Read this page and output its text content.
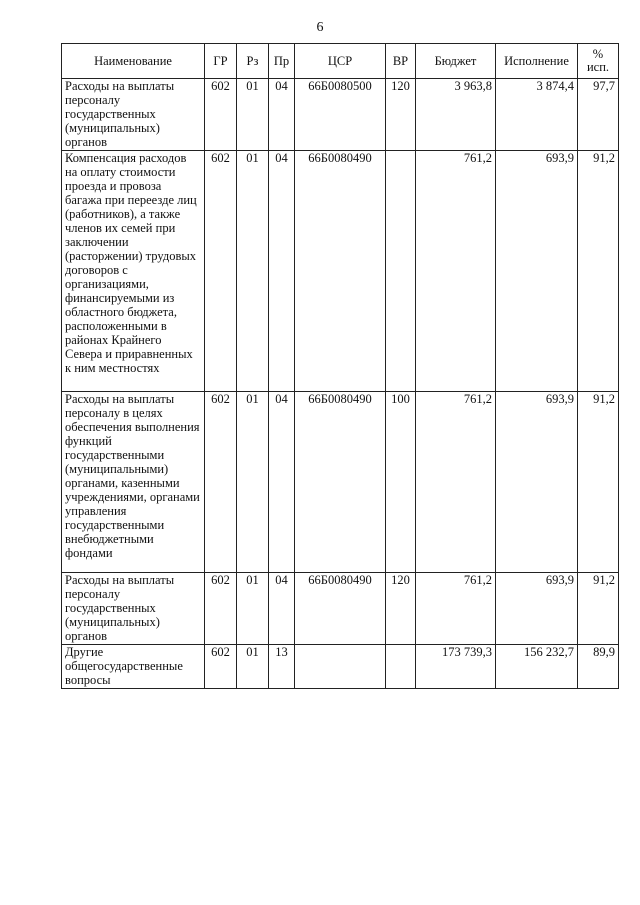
6
Наименование	ГР	Рз	Пр	ЦСР	ВР	Бюджет	Исполнение	%
исп.
Расходы на выплаты персоналу государственных (муниципальных) органов	602	01	04	66Б0080500	120	3 963,8	3 874,4	97,7
Компенсация расходов на оплату стоимости проезда и провоза багажа при переезде лиц (работников), а также членов их семей при заключении (расторжении) трудовых договоров с организациями, финансируемыми из областного бюджета, расположенными в районах Крайнего Севера и приравненных к ним местностях	602	01	04	66Б0080490		761,2	693,9	91,2
Расходы на выплаты персоналу в целях обеспечения выполнения функций государственными (муниципальными) органами, казенными учреждениями, органами управления государственными внебюджетными фондами	602	01	04	66Б0080490	100	761,2	693,9	91,2
Расходы на выплаты персоналу государственных (муниципальных) органов	602	01	04	66Б0080490	120	761,2	693,9	91,2
Другие общегосударственные вопросы	602	01	13			173 739,3	156 232,7	89,9
